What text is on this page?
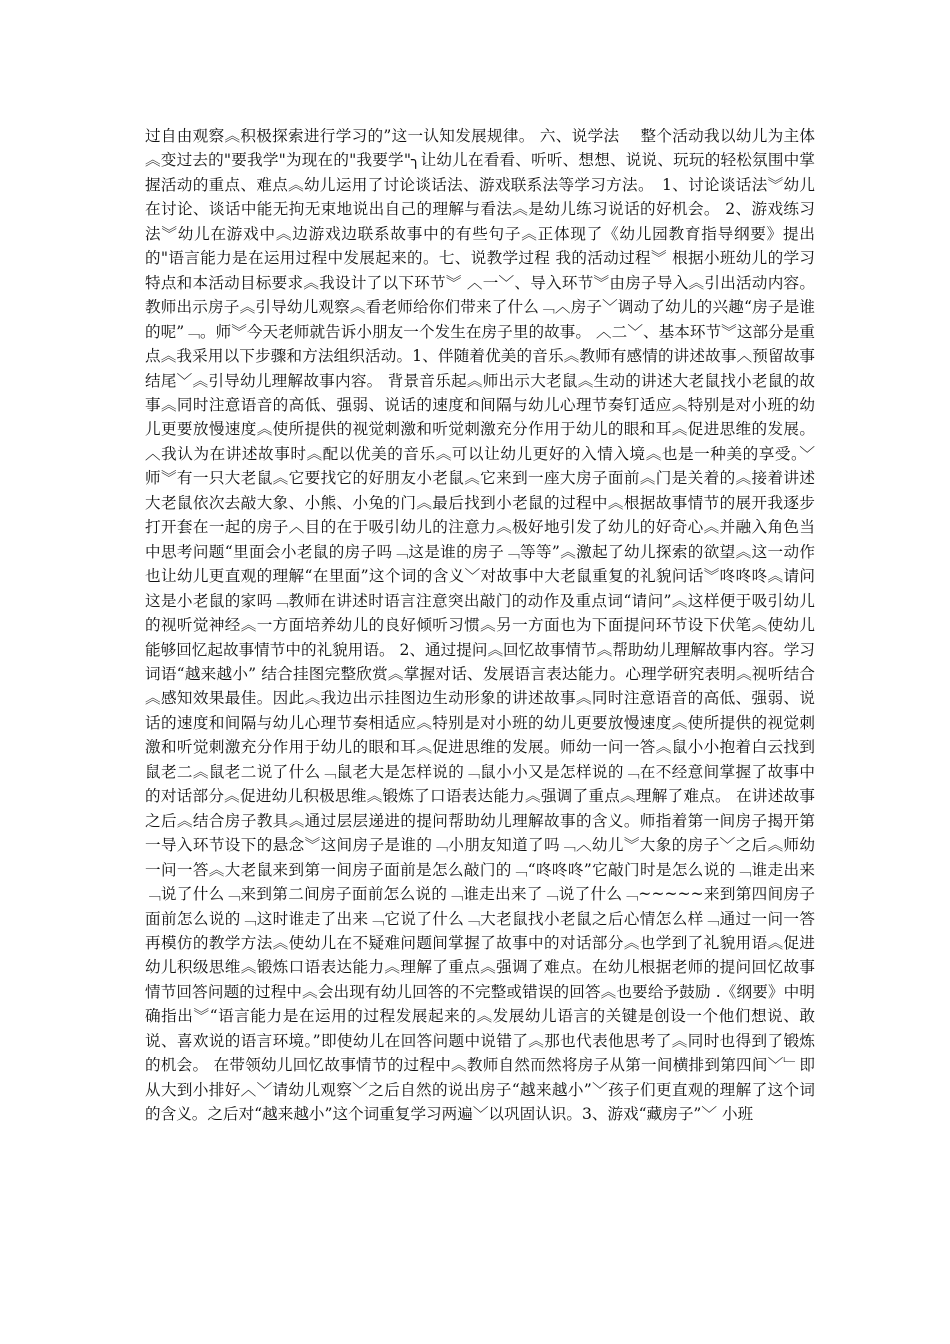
过自由观察︽积极探索进行学习的”这一认知发展规律。 六、说学法　 整个活动我以幼儿为主体︽变过去的"要我学"为现在的"我要学"╮让幼儿在看看、听听、想想、说说、玩玩的轻松氛围中掌握活动的重点、难点︽幼儿运用了讨论谈话法、游戏联系法等学习方法。　1、讨论谈话法︾幼儿在讨论、谈话中能无拘无束地说出自己的理解与看法︽是幼儿练习说话的好机会。 2、游戏练习法︾幼儿在游戏中︽边游戏边联系故事中的有些句子︽正体现了《幼儿园教育指导纲要》提出 的"语言能力是在运用过程中发展起来的。七、说教学过程 我的活动过程︾ 根据小班幼儿的学习特点和本活动目标要求︽我设计了以下环节︾ ︿一﹀、导入环节︾由房子导入︽引出活动内容。教师出示房子︽引导幼儿观察︽看老师给你们带来了什么﹁︿房子﹀调动了幼儿的兴趣“房子是谁的呢”﹁。师︾今天老师就告诉小朋友一个发生在房子里的故事。 ︿二﹀、基本环节︾这部分是重点︽我采用以下步骤和方法组织活动。1、伴随着优美的音乐︽教师有感情的讲述故事︿预留故事结尾﹀︽引导幼儿理解故事内容。 背景音乐起︽师出示大老鼠︽生动的讲述大老鼠找小老鼠的故事︽同时注意语音的高低、强弱、说话的速度和间隔与幼儿心理节奏钉适应︽特别是对小班的幼儿更要放慢速度︽使所提供的视觉刺激和听觉刺激充分作用于幼儿的眼和耳︽促进思维的发展。 ︿我认为在讲述故事时︽配以优美的音乐︽可以让幼儿更好的入情入境︽也是一种美的享受。﹀师︾有一只大老鼠︽它要找它的好朋友小老鼠︽它来到一座大房子面前︽门是关着的︽接着讲述大老鼠依次去敲大象、小熊、小兔的门︽最后找到小老鼠的过程中︽根据故事情节的展开我逐步打开套在一起的房子︿目的在于吸引幼儿的注意力︽极好地引发了幼儿的好奇心︽并融入角色当中思考问题“里面会小老鼠的房子吗﹁这是谁的房子﹁等等”︽激起了幼儿探索的欲望︽这一动作也让幼儿更直观的理解“在里面”这个词的含义﹀对故事中大老鼠重复的礼貌问话︾咚咚咚︽请问这是小老鼠的家吗﹁教师在讲述时语言注意突出敲门的动作及重点词“请问”︽这样便于吸引幼儿的视听觉神经︽一方面培养幼儿的良好倾听习惯︽另一方面也为下面提问环节设下伏笔︽使幼儿能够回忆起故事情节中的礼貌用语。 2、通过提问︽回忆故事情节︽帮助幼儿理解故事内容。学习词语“越来越小” 结合挂图完整欣赏︽掌握对话、发展语言表达能力。心理学研究表明︽视听结合︽感知效果最佳。因此︽我边出示挂图边生动形象的讲述故事︽同时注意语音的高低、强弱、说话的速度和间隔与幼儿心理节奏相适应︽特别是对小班的幼儿更要放慢速度︽使所提供的视觉刺激和听觉刺激充分作用于幼儿的眼和耳︽促进思维的发展。师幼一问一答︽鼠小小抱着白云找到鼠老二︽鼠老二说了什么﹁鼠老大是怎样说的﹁鼠小小又是怎样说的﹁在不经意间掌握了故事中的对话部分︽促进幼儿积极思维︽锻炼了口语表达能力︽强调了重点︽理解了难点。 在讲述故事之后︽结合房子教具︽通过层层递进的提问帮助幼儿理解故事的含义。师指着第一间房子揭开第一导入环节设下的悬念︾这间房子是谁的﹁小朋友知道了吗﹁︿幼儿︾大象的房子﹀之后︽师幼一问一答︽大老鼠来到第一间房子面前是怎么敲门的﹁“咚咚咚”它敲门时是怎么说的﹁谁走出来﹁说了什么﹁来到第二间房子面前怎么说的﹁谁走出来了﹁说了什么﹁~~~~~来到第四间房子面前怎么说的﹁这时谁走了出来﹁它说了什么﹁大老鼠找小老鼠之后心情怎么样﹁通过一问一答再模仿的教学方法︽使幼儿在不疑难问题间掌握了故事中的对话部分︽也学到了礼貌用语︽促进幼儿积级思维︽锻炼口语表达能力︽理解了重点︽强调了难点。在幼儿根据老师的提问回忆故事情节回答问题的过程中︽会出现有幼儿回答的不完整或错误的回答︽也要给予鼓励 .《纲要》中明确指出︾“语言能力是在运用的过程发展起来的︽发展幼儿语言的关键是创设一个他们想说、敢说、喜欢说的语言环境。”即使幼儿在回答问题中说错了︽那也代表他思考了︽同时也得到了锻炼的机会。 在带领幼儿回忆故事情节的过程中︽教师自然而然将房子从第一间横排到第四间﹀﹂即从大到小排好︿﹀请幼儿观察﹀之后自然的说出房子“越来越小”﹀孩子们更直观的理解了这个词的含义。之后对“越来越小”这个词重复学习两遍﹀以巩固认识。3、游戏“藏房子”﹀ 小班
